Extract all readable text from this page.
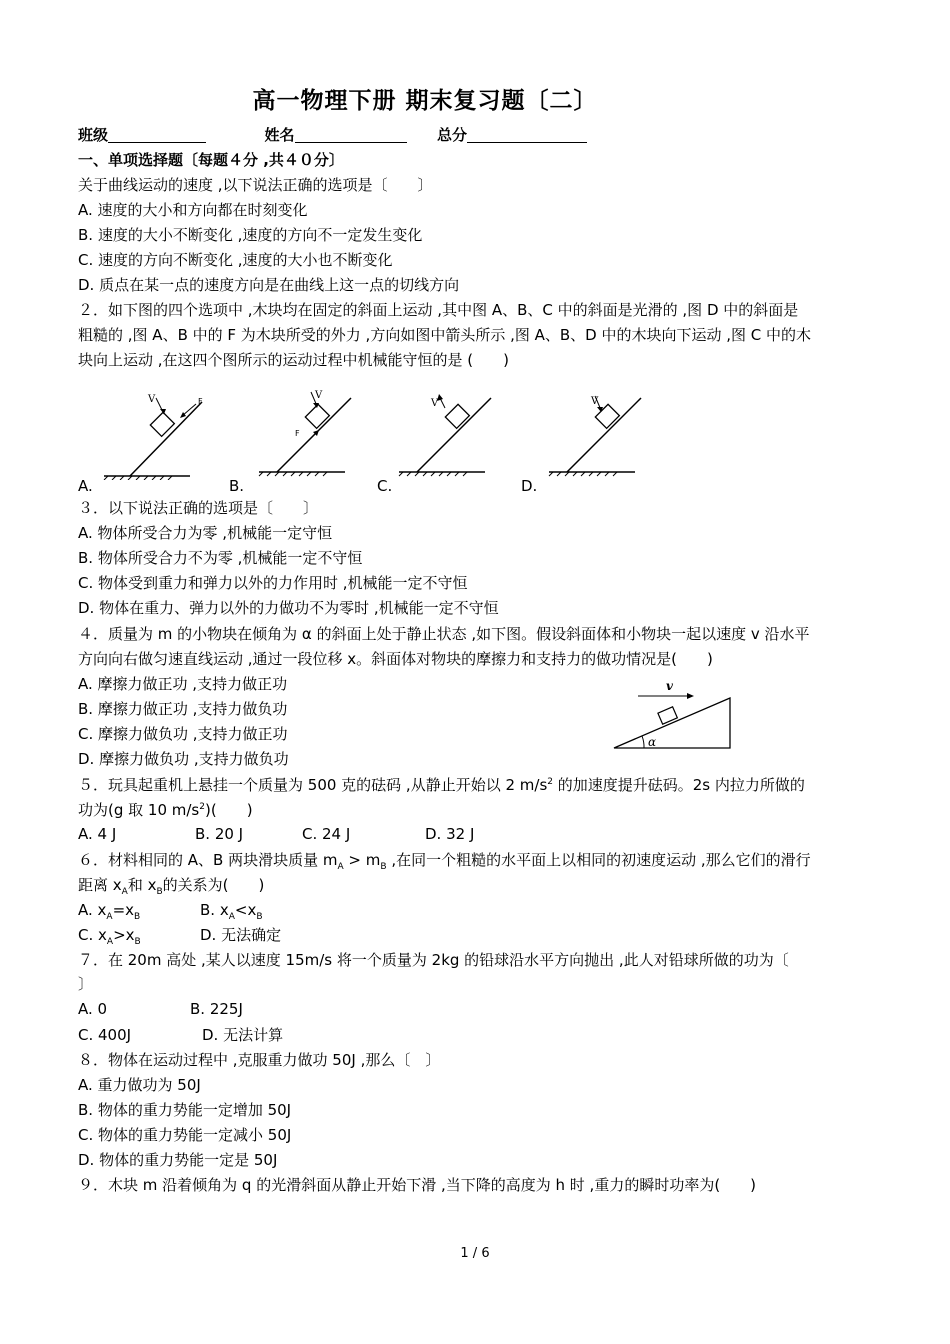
高一物理下册 期末复习题〔二〕
班级	姓名	总分
一、单项选择题〔每题４分 ,共４０分〕
关于曲线运动的速度 ,以下说法正确的选项是〔　　〕
A. 速度的大小和方向都在时刻变化
B. 速度的大小不断变化 ,速度的方向不一定发生变化
C. 速度的方向不断变化 ,速度的大小也不断变化
D. 质点在某一点的速度方向是在曲线上这一点的切线方向
２．如下图的四个选项中 ,木块均在固定的斜面上运动 ,其中图 A、B、C 中的斜面是光滑的 ,图 D 中的斜面是
粗糙的 ,图 A、B 中的 F 为木块所受的外力 ,方向如图中箭头所示 ,图 A、B、D 中的木块向下运动 ,图 C 中的木
块向上运动 ,在这四个图所示的运动过程中机械能守恒的是 (　　)
V	F
V
F
V	V
A.	B.	C.	D.
３．以下说法正确的选项是〔　　〕
A. 物体所受合力为零 ,机械能一定守恒
B. 物体所受合力不为零 ,机械能一定不守恒
C. 物体受到重力和弹力以外的力作用时 ,机械能一定不守恒
D. 物体在重力、弹力以外的力做功不为零时 ,机械能一定不守恒
４．质量为 m 的小物块在倾角为 α 的斜面上处于静止状态 ,如下图。假设斜面体和小物块一起以速度 v 沿水平
方向向右做匀速直线运动 ,通过一段位移 x。斜面体对物块的摩擦力和支持力的做功情况是(　　)
A. 摩擦力做正功 ,支持力做正功
B. 摩擦力做正功 ,支持力做负功
C. 摩擦力做负功 ,支持力做正功
D. 摩擦力做负功 ,支持力做负功
v
α
５．玩具起重机上悬挂一个质量为 500 克的砝码 ,从静止开始以 2 $m/s^2$ 的加速度提升砝码。2s 内拉力所做的
功为(g 取 10 $m/s^2$)(　　)
A. 4 J	B. 20 J	C. 24 J	D. 32 J
６．材料相同的 A、B 两块滑块质量 $m_A > m_B$ ,在同一个粗糙的水平面上以相同的初速度运动 ,那么它们的滑行
距离 $x_A$和 $x_B$的关系为(　　)
A. $x_A=x_B$	B. $x_A<x_B$
C. $x_A>x_B$	D. 无法确定
７．在 20m 高处 ,某人以速度 15m/s 将一个质量为 2kg 的铅球沿水平方向抛出 ,此人对铅球所做的功为〔
〕
A. 0	B. 225J
C. 400J	D. 无法计算
８．物体在运动过程中 ,克服重力做功 50J ,那么〔　〕
A. 重力做功为 50J
B. 物体的重力势能一定增加 50J
C. 物体的重力势能一定减小 50J
D. 物体的重力势能一定是 50J
９．木块 m 沿着倾角为 q 的光滑斜面从静止开始下滑 ,当下降的高度为 h 时 ,重力的瞬时功率为(　　)
1 / 6
